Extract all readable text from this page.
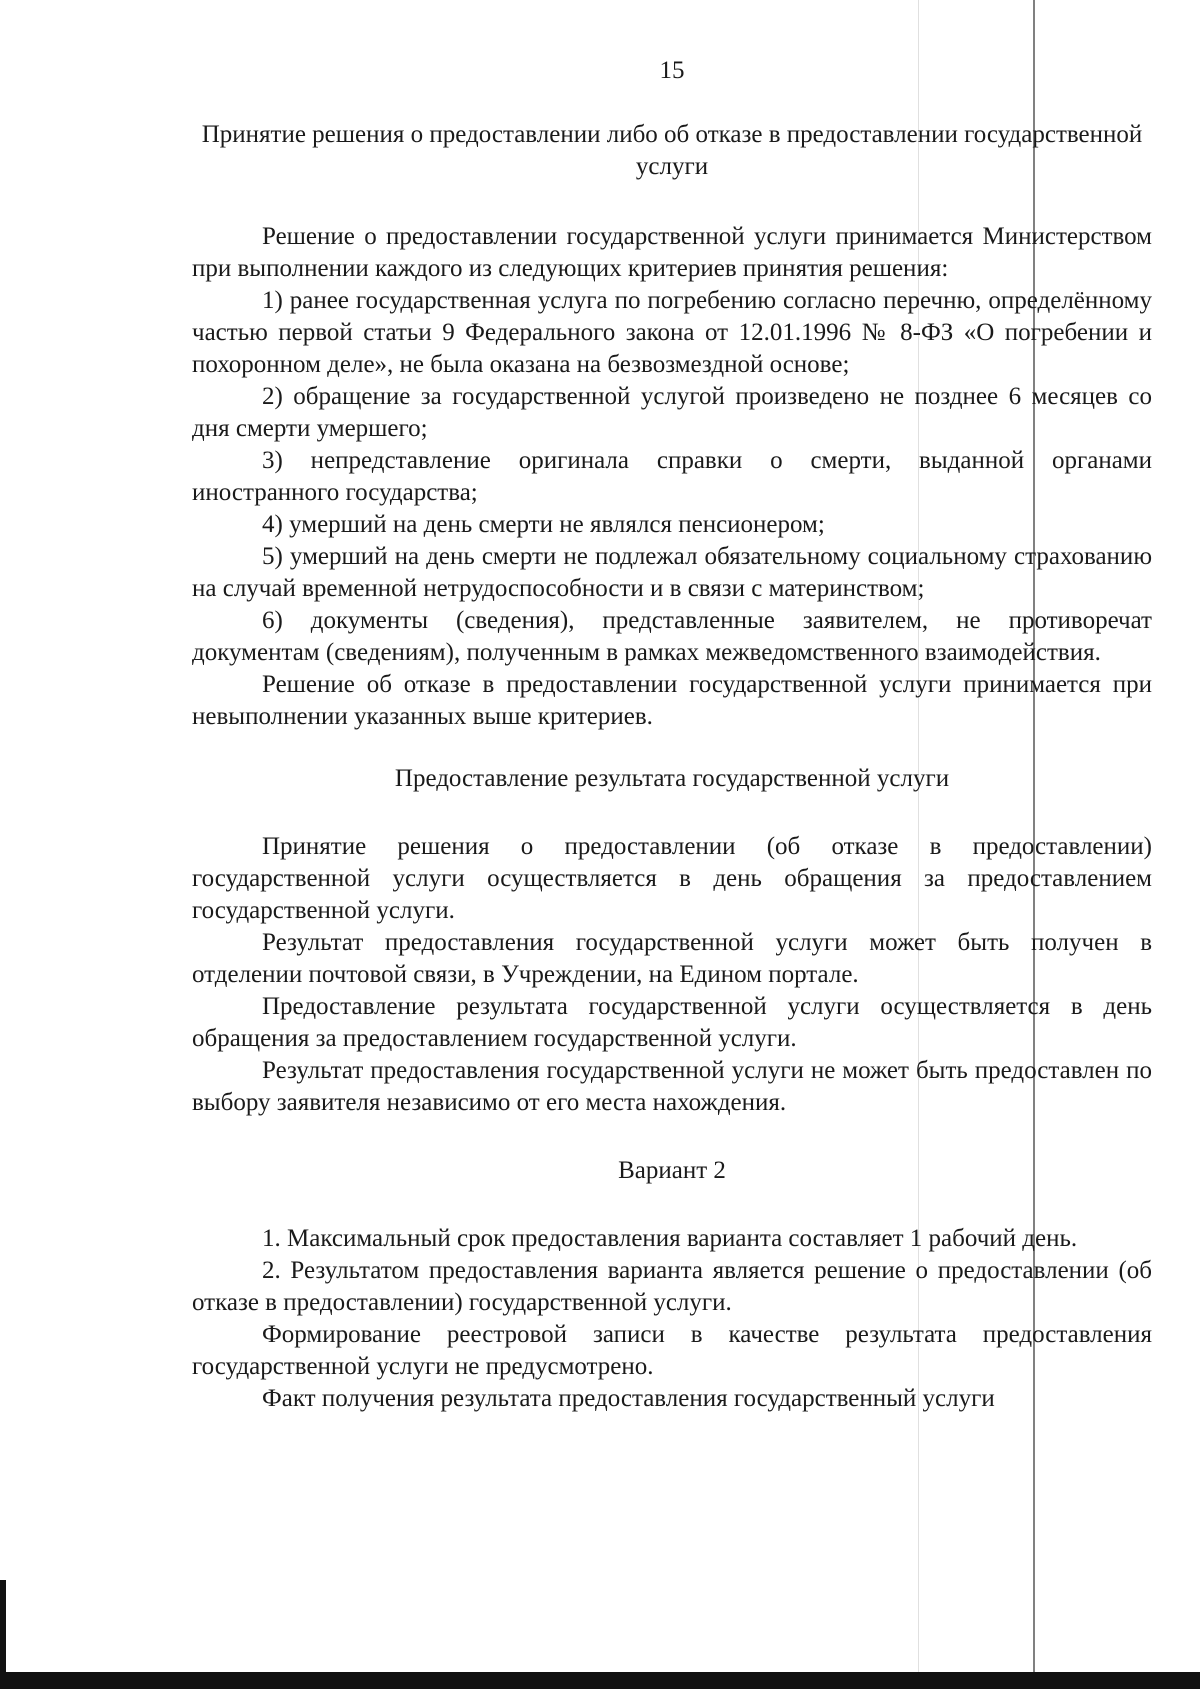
15

Принятие решения о предоставлении либо об отказе в предоставлении государственной услуги

Решение о предоставлении государственной услуги принимается Министерством при выполнении каждого из следующих критериев принятия решения:

1) ранее государственная услуга по погребению согласно перечню, определённому частью первой статьи 9 Федерального закона от 12.01.1996 № 8-ФЗ «О погребении и похоронном деле», не была оказана на безвозмездной основе;

2) обращение за государственной услугой произведено не позднее 6 месяцев со дня смерти умершего;

3) непредставление оригинала справки о смерти, выданной органами иностранного государства;

4) умерший на день смерти не являлся пенсионером;

5) умерший на день смерти не подлежал обязательному социальному страхованию на случай временной нетрудоспособности и в связи с материнством;

6) документы (сведения), представленные заявителем, не противоречат документам (сведениям), полученным в рамках межведомственного взаимодействия.

Решение об отказе в предоставлении государственной услуги принимается при невыполнении указанных выше критериев.

Предоставление результата государственной услуги

Принятие решения о предоставлении (об отказе в предоставлении) государственной услуги осуществляется в день обращения за предоставлением государственной услуги.

Результат предоставления государственной услуги может быть получен в отделении почтовой связи, в Учреждении, на Едином портале.

Предоставление результата государственной услуги осуществляется в день обращения за предоставлением государственной услуги.

Результат предоставления государственной услуги не может быть предоставлен по выбору заявителя независимо от его места нахождения.

Вариант 2

1. Максимальный срок предоставления варианта составляет 1 рабочий день.

2. Результатом предоставления варианта является решение о предоставлении (об отказе в предоставлении) государственной услуги.

Формирование реестровой записи в качестве результата предоставления государственной услуги не предусмотрено.

Факт получения результата предоставления государственный услуги
